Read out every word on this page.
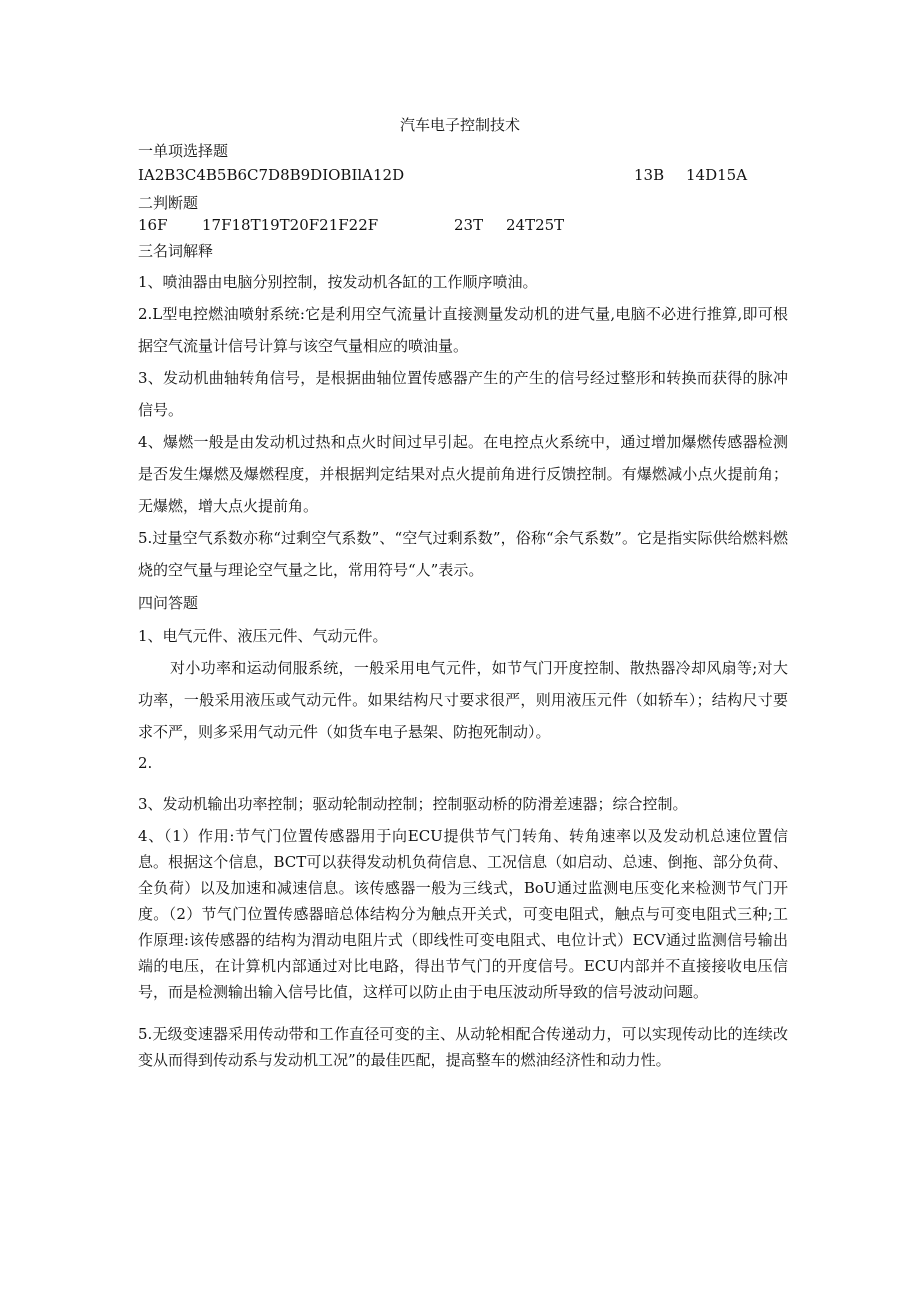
汽车电子控制技术
一单项选择题
IA2B3C4B5B6C7D8B9DIOBIlA12D	13B 14D15A
二判断题
16F 17F18T19T20F21F22F	23T 24T25T
三名词解释
1、喷油器由电脑分别控制，按发动机各缸的工作顺序喷油。
2.L型电控燃油喷射系统:它是利用空气流量计直接测量发动机的进气量,电脑不必进行推算,即可根据空气流量计信号计算与该空气量相应的喷油量。
3、发动机曲轴转角信号，是根据曲轴位置传感器产生的产生的信号经过整形和转换而获得的脉冲信号。
4、爆燃一般是由发动机过热和点火时间过早引起。在电控点火系统中，通过增加爆燃传感器检测是否发生爆燃及爆燃程度，并根据判定结果对点火提前角进行反馈控制。有爆燃减小点火提前角；无爆燃，增大点火提前角。
5.过量空气系数亦称“过剩空气系数”、“空气过剩系数”，俗称“余气系数”。它是指实际供给燃料燃烧的空气量与理论空气量之比，常用符号“人”表示。
四问答题
1、电气元件、液压元件、气动元件。
对小功率和运动伺服系统，一般采用电气元件，如节气门开度控制、散热器冷却风扇等;对大功率，一般采用液压或气动元件。如果结构尺寸要求很严，则用液压元件（如轿车）；结构尺寸要求不严，则多采用气动元件（如货车电子悬架、防抱死制动）。
2.
3、发动机输出功率控制；驱动轮制动控制；控制驱动桥的防滑差速器；综合控制。
4、（1）作用:节气门位置传感器用于向ECU提供节气门转角、转角速率以及发动机总速位置信息。根据这个信息，BCT可以获得发动机负荷信息、工况信息（如启动、总速、倒拖、部分负荷、全负荷）以及加速和减速信息。该传感器一般为三线式，BoU通过监测电压变化来检测节气门开度。（2）节气门位置传感器暗总体结构分为触点开关式，可变电阻式，触点与可变电阻式三种;工作原理:该传感器的结构为渭动电阻片式（即线性可变电阻式、电位计式）ECV通过监测信号输出端的电压，在计算机内部通过对比电路，得出节气门的开度信号。ECU内部并不直接接收电压信号，而是检测输出输入信号比值，这样可以防止由于电压波动所导致的信号波动问题。
5.无级变速器采用传动带和工作直径可变的主、从动轮相配合传递动力，可以实现传动比的连续改变从而得到传动系与发动机工况”的最佳匹配，提高整车的燃油经济性和动力性。
